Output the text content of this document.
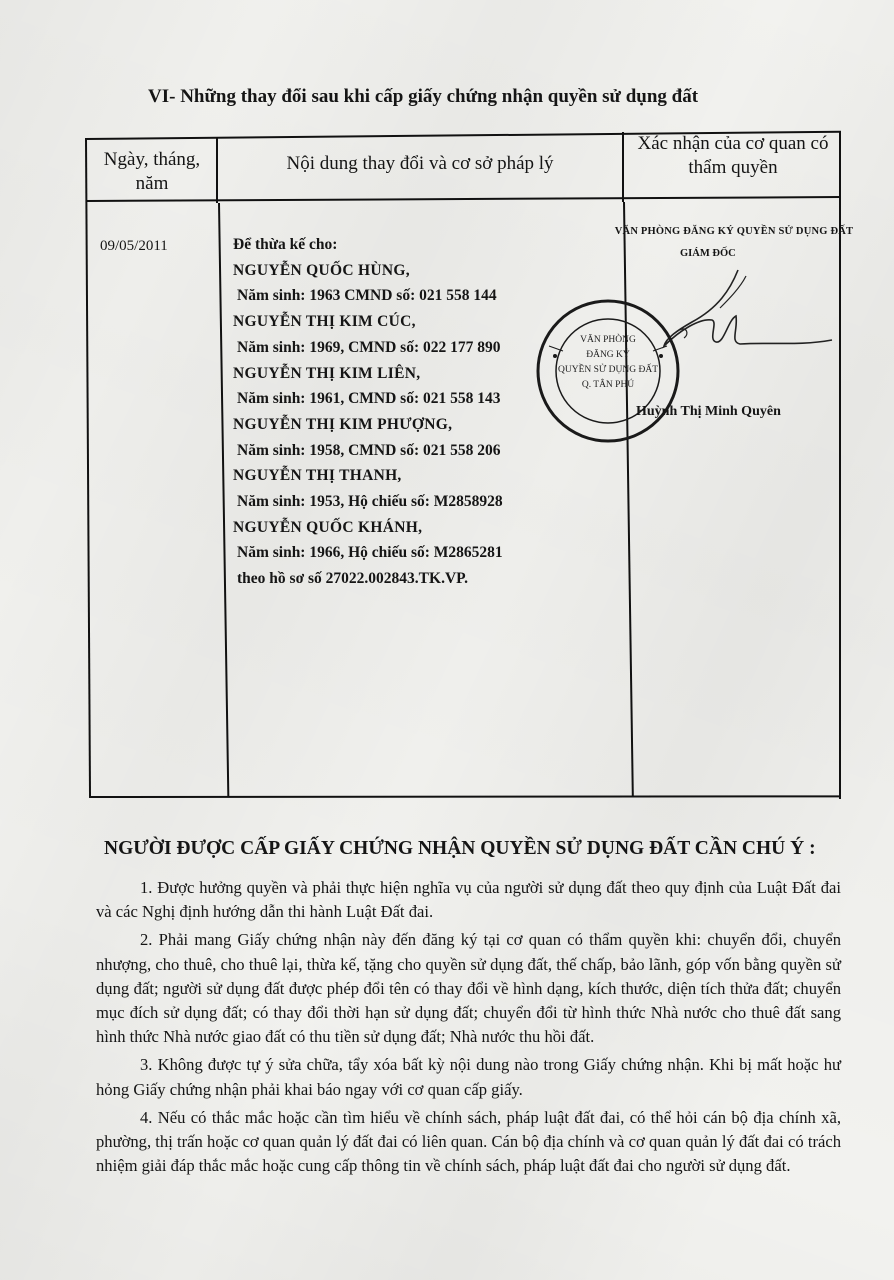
VI- Những thay đổi sau khi cấp giấy chứng nhận quyền sử dụng đất
Ngày, tháng, năm
Nội dung thay đổi và cơ sở pháp lý
Xác nhận của cơ quan có thẩm quyền
09/05/2011	Để thừa kế cho:
NGUYỄN QUỐC HÙNG,
Năm sinh: 1963 CMND số: 021 558 144
NGUYỄN THỊ KIM CÚC,
Năm sinh: 1969, CMND số: 022 177 890
NGUYỄN THỊ KIM LIÊN,
Năm sinh: 1961, CMND số: 021 558 143
NGUYỄN THỊ KIM PHƯỢNG,
Năm sinh: 1958, CMND số: 021 558 206
NGUYỄN THỊ THANH,
Năm sinh: 1953, Hộ chiếu số: M2858928
NGUYỄN QUỐC KHÁNH,
Năm sinh: 1966, Hộ chiếu số: M2865281
theo hồ sơ số 27022.002843.TK.VP.
VĂN PHÒNG ĐĂNG KÝ QUYỀN SỬ DỤNG ĐẤT
GIÁM ĐỐC
VĂN PHÒNG
ĐĂNG KÝ
QUYỀN SỬ DỤNG ĐẤT
Q. TÂN PHÚ
Huỳnh Thị Minh Quyên
NGƯỜI ĐƯỢC CẤP GIẤY CHỨNG NHẬN QUYỀN SỬ DỤNG ĐẤT CẦN CHÚ Ý :

1. Được hưởng quyền và phải thực hiện nghĩa vụ của người sử dụng đất theo quy định của Luật Đất đai và các Nghị định hướng dẫn thi hành Luật Đất đai.

2. Phải mang Giấy chứng nhận này đến đăng ký tại cơ quan có thẩm quyền khi: chuyển đổi, chuyển nhượng, cho thuê, cho thuê lại, thừa kế, tặng cho quyền sử dụng đất, thế chấp, bảo lãnh, góp vốn bằng quyền sử dụng đất; người sử dụng đất được phép đổi tên có thay đổi về hình dạng, kích thước, diện tích thửa đất; chuyển mục đích sử dụng đất; có thay đổi thời hạn sử dụng đất; chuyển đổi từ hình thức Nhà nước cho thuê đất sang hình thức Nhà nước giao đất có thu tiền sử dụng đất; Nhà nước thu hồi đất.

3. Không được tự ý sửa chữa, tẩy xóa bất kỳ nội dung nào trong Giấy chứng nhận. Khi bị mất hoặc hư hỏng Giấy chứng nhận phải khai báo ngay với cơ quan cấp giấy.

4. Nếu có thắc mắc hoặc cần tìm hiểu về chính sách, pháp luật đất đai, có thể hỏi cán bộ địa chính xã, phường, thị trấn hoặc cơ quan quản lý đất đai có liên quan. Cán bộ địa chính và cơ quan quản lý đất đai có trách nhiệm giải đáp thắc mắc hoặc cung cấp thông tin về chính sách, pháp luật đất đai cho người sử dụng đất.
